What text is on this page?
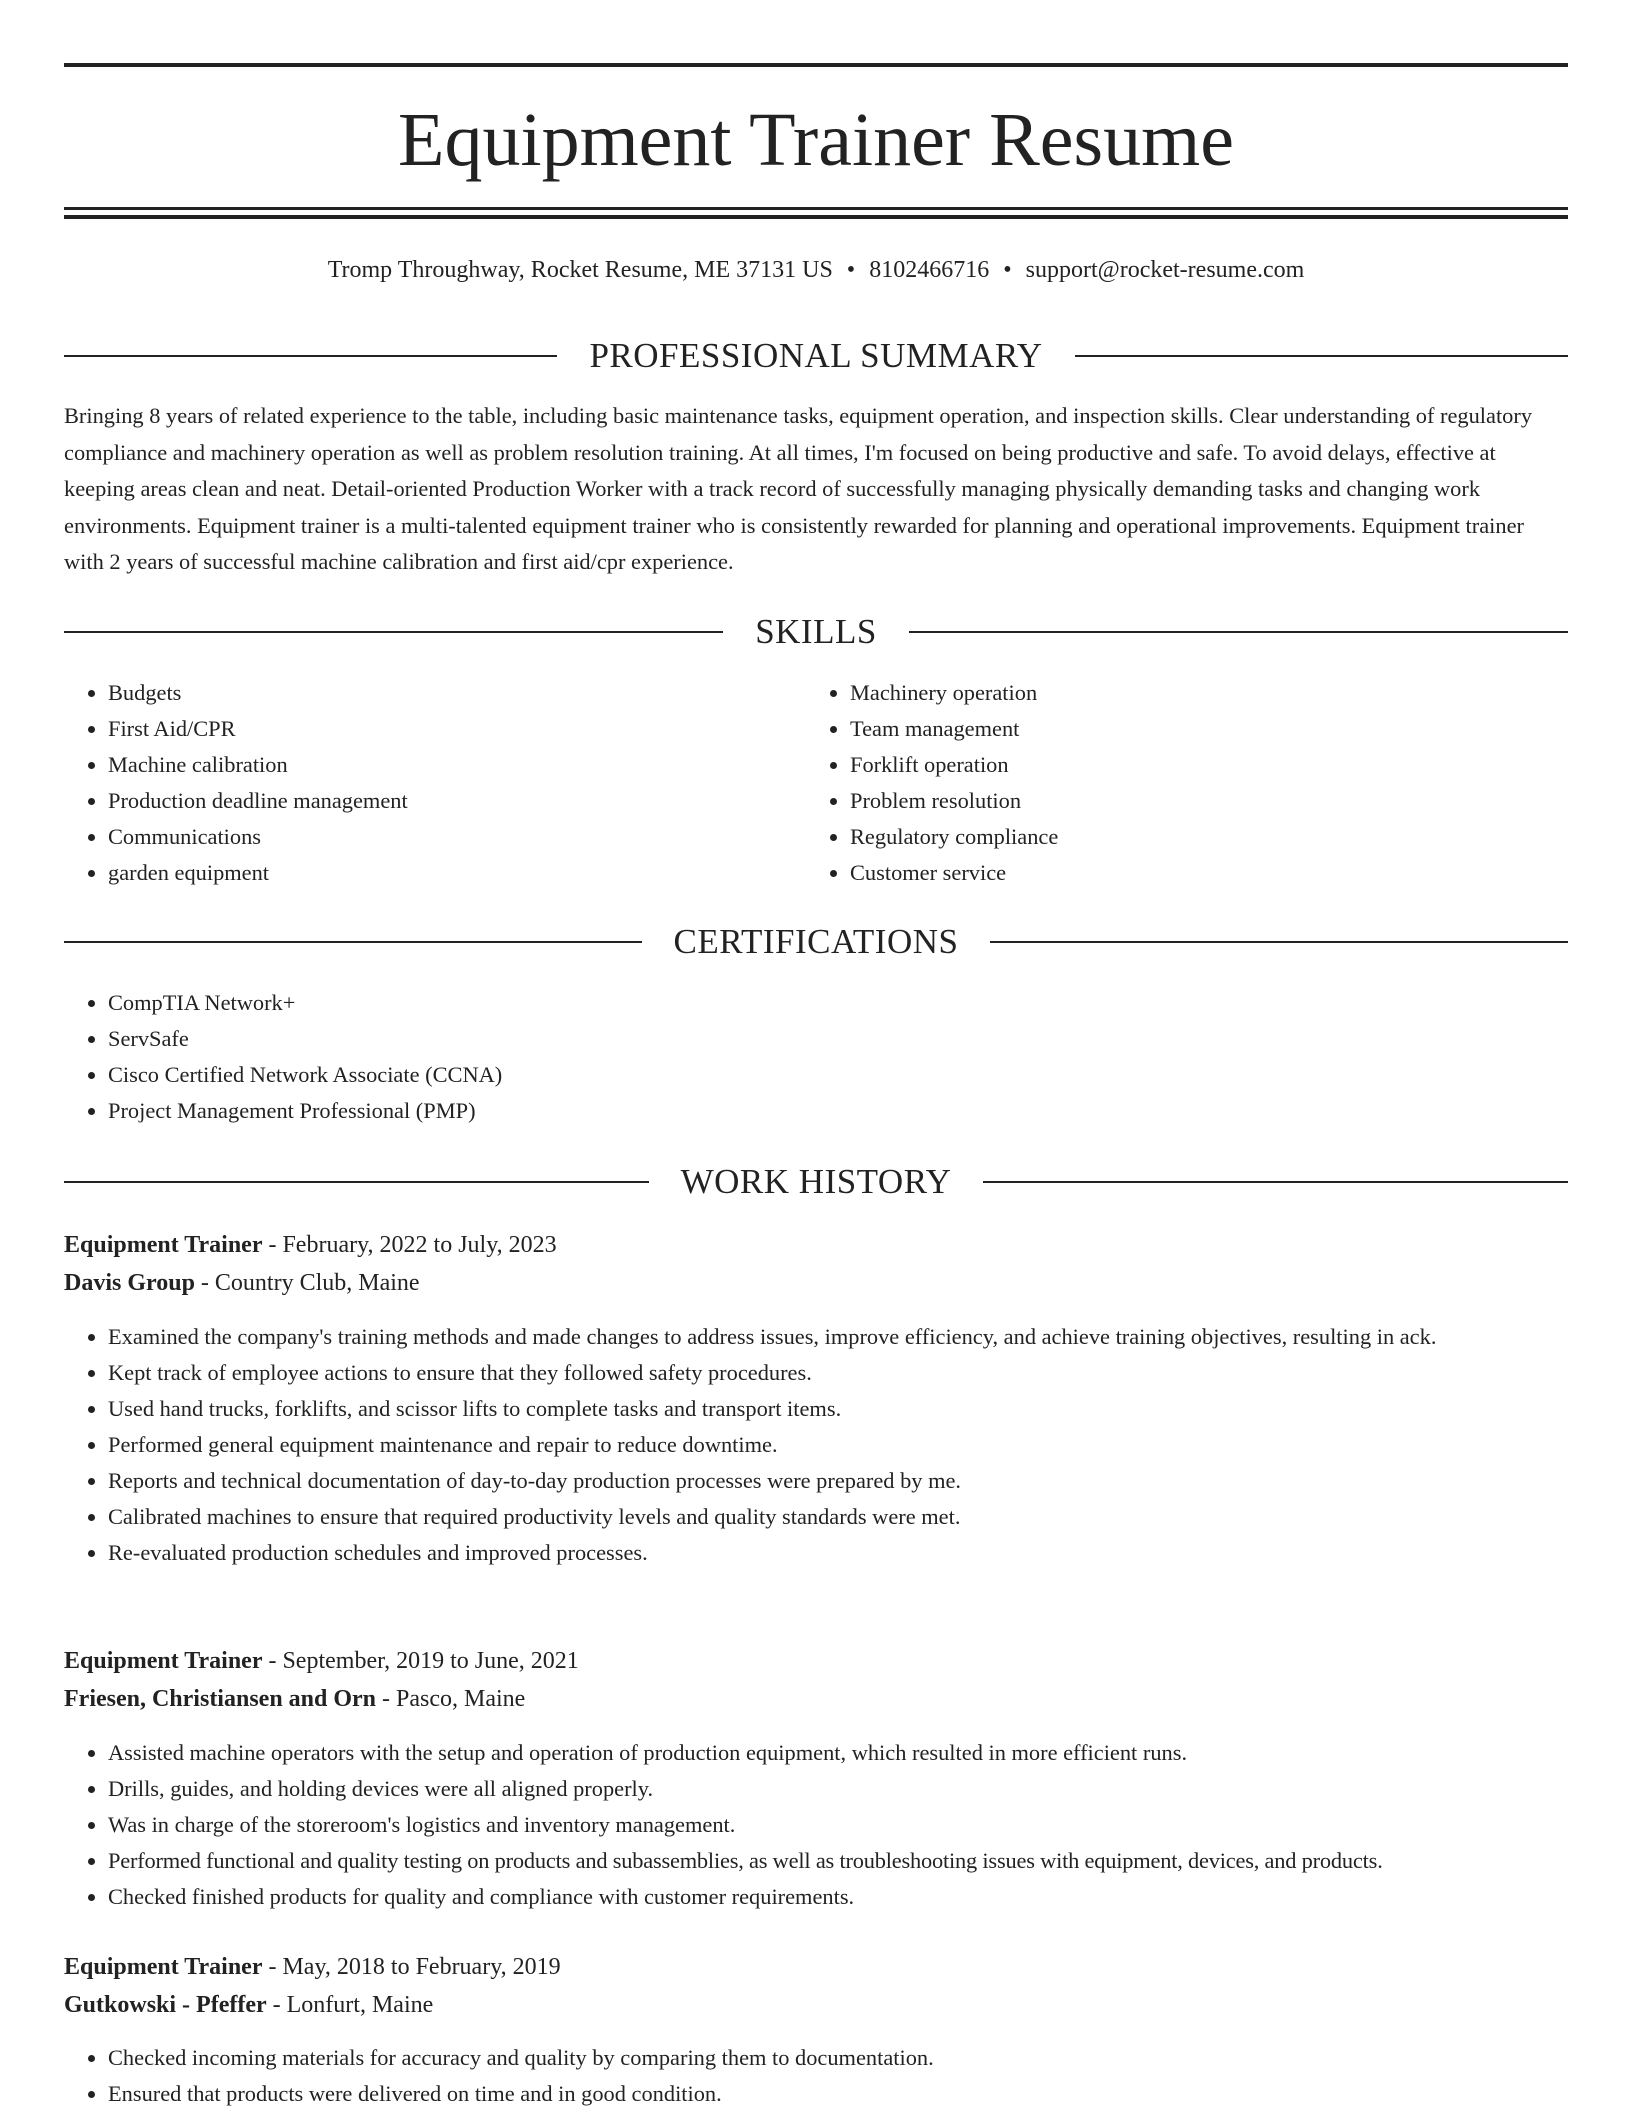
Equipment Trainer Resume
Tromp Throughway, Rocket Resume, ME 37131 US • 8102466716 • support@rocket-resume.com
PROFESSIONAL SUMMARY

Bringing 8 years of related experience to the table, including basic maintenance tasks, equipment operation, and inspection skills. Clear understanding of regulatory compliance and machinery operation as well as problem resolution training. At all times, I'm focused on being productive and safe. To avoid delays, effective at keeping areas clean and neat. Detail-oriented Production Worker with a track record of successfully managing physically demanding tasks and changing work environments. Equipment trainer is a multi-talented equipment trainer who is consistently rewarded for planning and operational improvements. Equipment trainer with 2 years of successful machine calibration and first aid/cpr experience.

SKILLS
• Budgets
• First Aid/CPR
• Machine calibration
• Production deadline management
• Communications
• garden equipment
• Machinery operation
• Team management
• Forklift operation
• Problem resolution
• Regulatory compliance
• Customer service
CERTIFICATIONS
• CompTIA Network+
• ServSafe
• Cisco Certified Network Associate (CCNA)
• Project Management Professional (PMP)
WORK HISTORY
Equipment Trainer - February, 2022 to July, 2023
Davis Group - Country Club, Maine
• Examined the company's training methods and made changes to address issues, improve efficiency, and achieve training objectives, resulting in ack.
• Kept track of employee actions to ensure that they followed safety procedures.
• Used hand trucks, forklifts, and scissor lifts to complete tasks and transport items.
• Performed general equipment maintenance and repair to reduce downtime.
• Reports and technical documentation of day-to-day production processes were prepared by me.
• Calibrated machines to ensure that required productivity levels and quality standards were met.
• Re-evaluated production schedules and improved processes.
Equipment Trainer - September, 2019 to June, 2021
Friesen, Christiansen and Orn - Pasco, Maine
• Assisted machine operators with the setup and operation of production equipment, which resulted in more efficient runs.
• Drills, guides, and holding devices were all aligned properly.
• Was in charge of the storeroom's logistics and inventory management.
• Performed functional and quality testing on products and subassemblies, as well as troubleshooting issues with equipment, devices, and products.
• Checked finished products for quality and compliance with customer requirements.
Equipment Trainer - May, 2018 to February, 2019
Gutkowski - Pfeffer - Lonfurt, Maine
• Checked incoming materials for accuracy and quality by comparing them to documentation.
• Ensured that products were delivered on time and in good condition.
